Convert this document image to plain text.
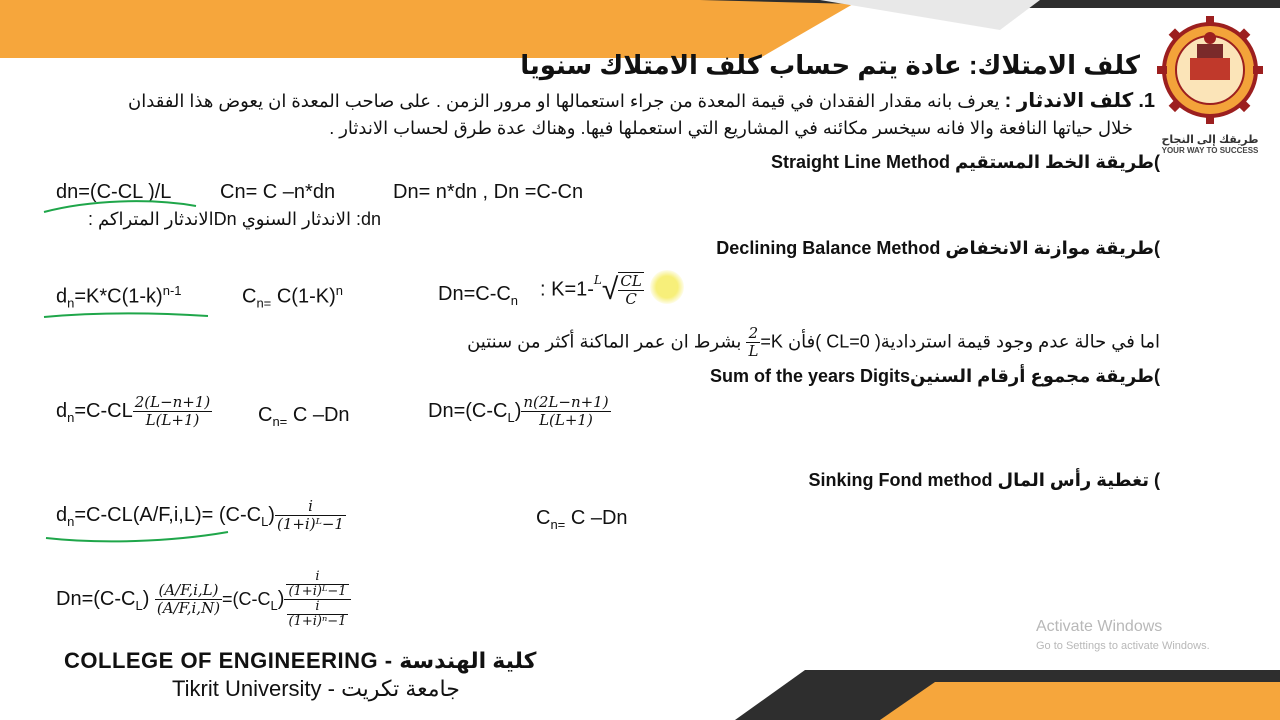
طريقك إلى النجاح
YOUR WAY TO SUCCESS
كلف الامتلاك: عادة يتم حساب كلف الامتلاك سنويا
1. كلف الاندثار : يعرف بانه مقدار الفقدان في قيمة المعدة من جراء استعمالها او مرور الزمن . على صاحب المعدة ان يعوض هذا الفقدان
خلال حياتها النافعة والا فانه سيخسر مكائنه في المشاريع التي استعملها فيها. وهناك عدة طرق لحساب الاندثار .
)طريقة الخط المستقيم Straight Line Method
dn=(C-CL )/L Cn= C –n*dn	Dn= n*dn , Dn =C-Cn
dn: الاندثار السنوي Dnالاندثار المتراكم :
)طريقة موازنة الانخفاض Declining Balance Method
$d_n=K*C(1-k)^{n-1}$	$C_{n=}$ $C(1-K)^n$	$Dn=C-C_n$ : $K=1-^L√ \frac{CL}{C}$
اما في حالة عدم وجود قيمة استردادية( CL=0 )فأن K=
$\frac{2}{L}$
بشرط ان عمر الماكنة أكثر من سنتين
)طريقة مجموع أرقام السنينSum of the years Digits
$d_n=C-CL \frac{2(L-n+1)}{L(L+1)} C_{n=}$ C –Dn	$Dn=(C-C_L) \frac{n(2L-n+1)}{L(L+1)}$
) تغطية رأس المال Sinking Fond method
$d_n=C-CL(A/F,i,L)= (C-C_L) \frac{i}{\text{(1+i)ᴸ−1}}$	$C_{n=}$ C –Dn
$Dn=(C-C_L) \frac{(A/F,i,L)}{(A/F,i,N)} =(C-C_L) \frac{\frac{i}{\text{(1+i)ᴸ−1}}}{\frac{i}{\text{(1+i)ⁿ−1}}}$
COLLEGE OF ENGINEERING - كلية الهندسة
Tikrit University - جامعة تكريت
Activate Windows
Go to Settings to activate Windows.
